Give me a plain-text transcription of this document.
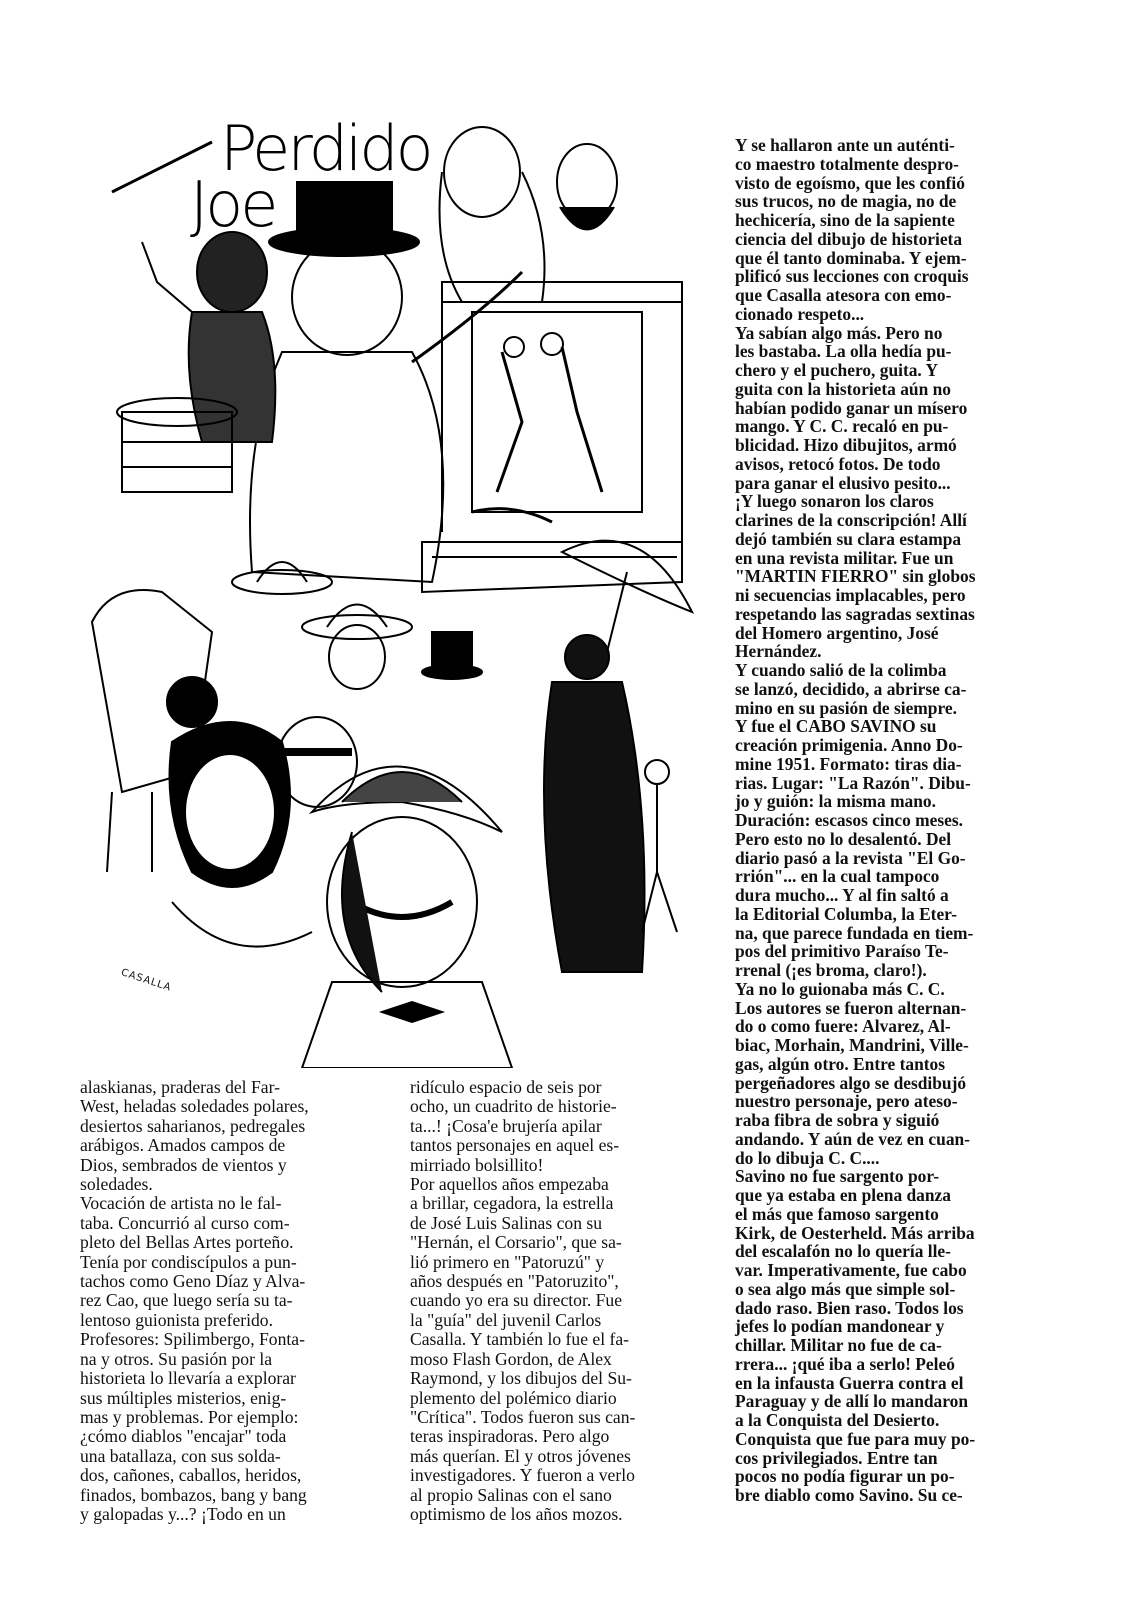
Perdido
Joe
CASALLA
alaskianas, praderas del Far-
West, heladas soledades polares,
desiertos saharianos, pedregales
arábigos. Amados campos de
Dios, sembrados de vientos y
soledades.
Vocación de artista no le fal-
taba. Concurrió al curso com-
pleto del Bellas Artes porteño.
Tenía por condiscípulos a pun-
tachos como Geno Díaz y Alva-
rez Cao, que luego sería su ta-
lentoso guionista preferido.
Profesores: Spilimbergo, Fonta-
na y otros. Su pasión por la
historieta lo llevaría a explorar
sus múltiples misterios, enig-
mas y problemas. Por ejemplo:
¿cómo diablos "encajar" toda
una batallaza, con sus solda-
dos, cañones, caballos, heridos,
finados, bombazos, bang y bang
y galopadas y...? ¡Todo en un
ridículo espacio de seis por
ocho, un cuadrito de historie-
ta...! ¡Cosa'e brujería apilar
tantos personajes en aquel es-
mirriado bolsillito!
Por aquellos años empezaba
a brillar, cegadora, la estrella
de José Luis Salinas con su
"Hernán, el Corsario", que sa-
lió primero en "Patoruzú" y
años después en "Patoruzito",
cuando yo era su director. Fue
la "guía" del juvenil Carlos
Casalla. Y también lo fue el fa-
moso Flash Gordon, de Alex
Raymond, y los dibujos del Su-
plemento del polémico diario
"Crítica". Todos fueron sus can-
teras inspiradoras. Pero algo
más querían. El y otros jóvenes
investigadores. Y fueron a verlo
al propio Salinas con el sano
optimismo de los años mozos.
Y se hallaron ante un auténti-
co maestro totalmente despro-
visto de egoísmo, que les confió
sus trucos, no de magia, no de
hechicería, sino de la sapiente
ciencia del dibujo de historieta
que él tanto dominaba. Y ejem-
plificó sus lecciones con croquis
que Casalla atesora con emo-
cionado respeto...
Ya sabían algo más. Pero no
les bastaba. La olla hedía pu-
chero y el puchero, guita. Y
guita con la historieta aún no
habían podido ganar un mísero
mango. Y C. C. recaló en pu-
blicidad. Hizo dibujitos, armó
avisos, retocó fotos. De todo
para ganar el elusivo pesito...
¡Y luego sonaron los claros
clarines de la conscripción! Allí
dejó también su clara estampa
en una revista militar. Fue un
"MARTIN FIERRO" sin globos
ni secuencias implacables, pero
respetando las sagradas sextinas
del Homero argentino, José
Hernández.
Y cuando salió de la colimba
se lanzó, decidido, a abrirse ca-
mino en su pasión de siempre.
Y fue el CABO SAVINO su
creación primigenia. Anno Do-
mine 1951. Formato: tiras dia-
rias. Lugar: "La Razón". Dibu-
jo y guión: la misma mano.
Duración: escasos cinco meses.
Pero esto no lo desalentó. Del
diario pasó a la revista "El Go-
rrión"... en la cual tampoco
dura mucho... Y al fin saltó a
la Editorial Columba, la Eter-
na, que parece fundada en tiem-
pos del primitivo Paraíso Te-
rrenal (¡es broma, claro!).
Ya no lo guionaba más C. C.
Los autores se fueron alternan-
do o como fuere: Alvarez, Al-
biac, Morhain, Mandrini, Ville-
gas, algún otro. Entre tantos
pergeñadores algo se desdibujó
nuestro personaje, pero ateso-
raba fibra de sobra y siguió
andando. Y aún de vez en cuan-
do lo dibuja C. C....
Savino no fue sargento por-
que ya estaba en plena danza
el más que famoso sargento
Kirk, de Oesterheld. Más arriba
del escalafón no lo quería lle-
var. Imperativamente, fue cabo
o sea algo más que simple sol-
dado raso. Bien raso. Todos los
jefes lo podían mandonear y
chillar. Militar no fue de ca-
rrera... ¡qué iba a serlo! Peleó
en la infausta Guerra contra el
Paraguay y de allí lo mandaron
a la Conquista del Desierto.
Conquista que fue para muy po-
cos privilegiados. Entre tan
pocos no podía figurar un po-
bre diablo como Savino. Su ce-
